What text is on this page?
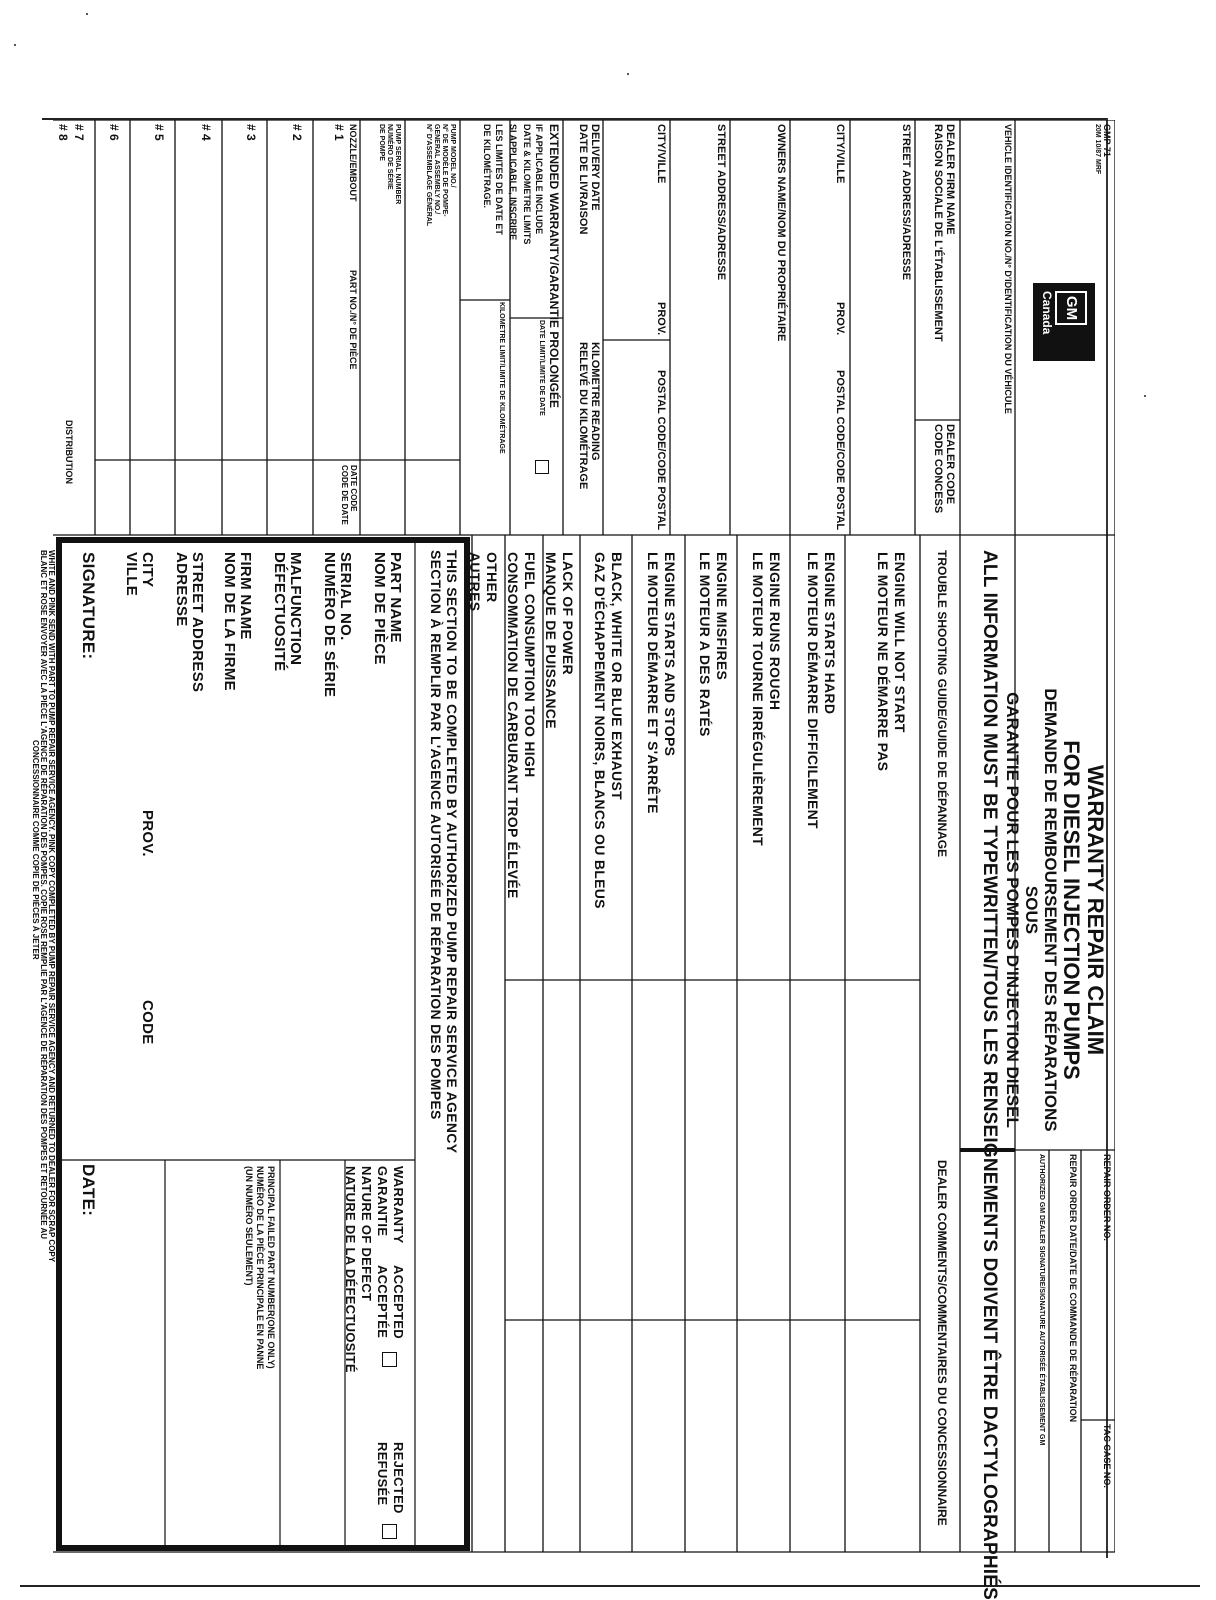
GM
Canada
GMP 71
20M 10/87 MRF
VEHICLE IDENTIFICATION NO./N° D'IDENTIFICATION DU VÉHICULE
DEALER FIRM NAME
RAISON SOCIALE DE L'ÉTABLISSEMENT
DEALER CODE
CODE CONCESS
STREET ADDRESS/ADRESSE
CITY/VILLE
PROV.
POSTAL CODE/CODE POSTAL
OWNERS NAME/NOM DU PROPRIÉTAIRE
STREET ADDRESS/ADRESSE
CITY/VILLE
PROV.
POSTAL CODE/CODE POSTAL
DELIVERY DATE
DATE DE LIVRAISON
KILOMETRE READING
RELEVÉ DU KILOMÉTRAGE
EXTENDED WARRANTY/GARANTIE PROLONGÉE
IF APPLICABLE INCLUDE
DATE & KILOMETRE LIMITS
SI APPLICABLE, INSCRIRE
LES LIMITES DE DATE ET
DE KILOMÉTRAGE.
DATE LIMIT/LIMITE DE DATE
KILOMETRE LIMIT/LIMITE DE KILOMÉTRAGE
PUMP MODEL NO./
N° DE MODÈLE DE POMPE-
GENERAL ASSEMBLY NO./
N° D'ASSEMBLAGE GÉNÉRAL
PUMP SERIAL NUMBER
NUMÉRO DE SÉRIE
DE POMPE
NOZZLE/EMBOUT
PART NO./N° DE PIÈCE
DATE CODE
CODE DE DATE
# 1
# 2
# 3
# 4
# 5
# 6
# 7
# 8
DISTRIBUTION
REPAIR ORDER NO.
TAC CASE NO.
REPAIR ORDER DATE/DATE DE COMMANDE DE RÉPARATION
AUTHORIZED GM DEALER SIGNATURE/SIGNATURE AUTORISÉE ÉTABLISSEMENT GM
WARRANTY REPAIR CLAIM
FOR DIESEL INJECTION PUMPS
DEMANDE DE REMBOURSEMENT DES RÉPARATIONS SOUS
GARANTIE POUR LES POMPES D'INJECTION DIESEL
ALL INFORMATION MUST BE TYPEWRITTEN/TOUS LES RENSEIGNEMENTS DOIVENT ÊTRE DACTYLOGRAPHIÉS
TROUBLE SHOOTING GUIDE/GUIDE DE DÉPANNAGE
DEALER COMMENTS/COMMENTAIRES DU CONCESSIONNAIRE
ENGINE WILL NOT START
LE MOTEUR NE DÉMARRE PAS
ENGINE STARTS HARD
LE MOTEUR DÉMARRE DIFFICILEMENT
ENGINE RUNS ROUGH
LE MOTEUR TOURNE IRRÉGULIÈREMENT
ENGINE MISFIRES
LE MOTEUR A DES RATÉS
ENGINE STARTS AND STOPS
LE MOTEUR DÉMARRE ET S'ARRÊTE
BLACK, WHITE OR BLUE EXHAUST
GAZ D'ÉCHAPPEMENT NOIRS, BLANCS OU BLEUS
LACK OF POWER
MANQUE DE PUISSANCE
FUEL CONSUMPTION TOO HIGH
CONSOMMATION DE CARBURANT TROP ÉLEVÉE
OTHER
AUTRES
THIS SECTION TO BE COMPLETED BY AUTHORIZED PUMP REPAIR SERVICE AGENCY
SECTION À REMPLIR PAR L'AGENCE AUTORISÉE DE RÉPARATION DES POMPES
PART NAME
NOM DE PIÈCE
SERIAL NO.
NUMÉRO DE SÉRIE
MALFUNCTION
DÉFECTUOSITÉ
FIRM NAME
NOM DE LA FIRME
STREET ADDRESS
ADRESSE
CITY
VILLE
PROV.
CODE
SIGNATURE:
DATE:	WARRANTY
GARANTIE
ACCEPTED
ACCEPTÉE
REJECTED
REFUSÉE
NATURE OF DEFECT
NATURE DE LA DÉFECTUOSITÉ
PRINCIPAL FAILED PART NUMBER(ONE ONLY)
NUMÉRO DE LA PIÈCE PRINCIPALE EN PANNE
(UN NUMÉRO SEULEMENT)
WHITE AND PINK SEND WITH PART TO PUMP REPAIR SERVICE AGENCY. PINK COPY COMPLETED BY PUMP REPAIR SERVICE AGENCY AND RETURNED TO DEALER FOR SCRAP COPY
BLANC ET ROSE ENVOYER AVEC LA PIÈCE L'AGENCE DE RÉPARATION DES POMPES. COPIE ROSE REMPLIE PAR L'AGENCE DE RÉPARATION DES POMPES ET RETOURNÉE AU
CONCESSIONNAIRE COMME COPIE DE PIÈCES À JETER
